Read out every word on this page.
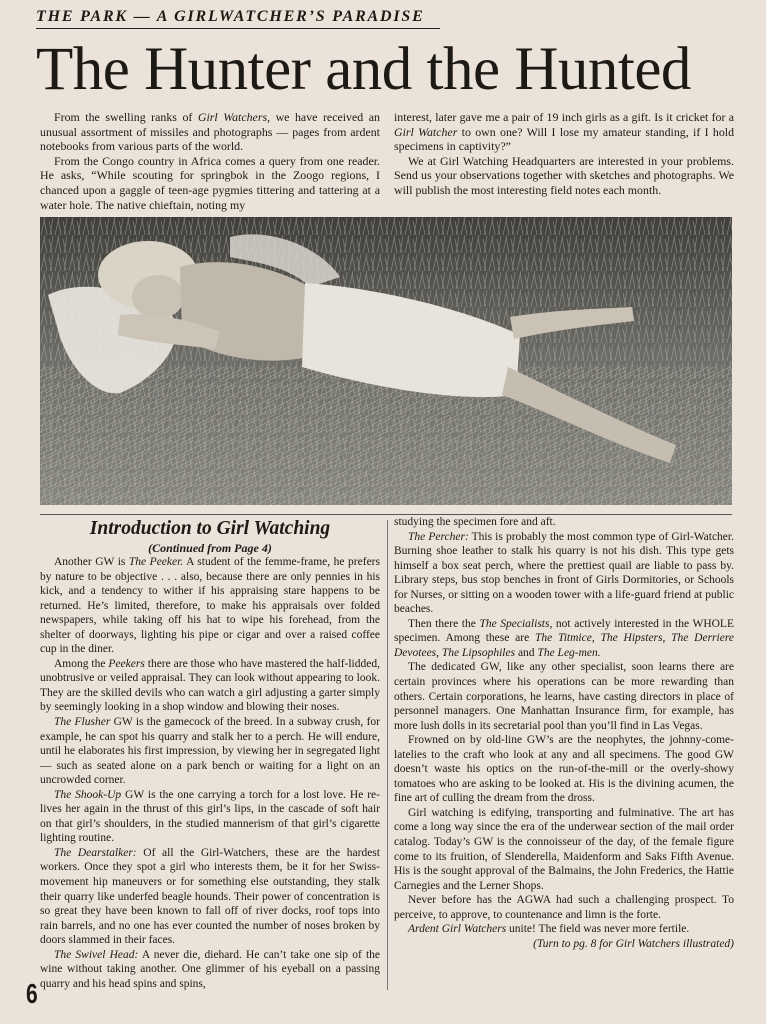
THE PARK — A GIRLWATCHER’S PARADISE
The Hunter and the Hunted

From the swelling ranks of Girl Watchers, we have received an unusual assortment of missiles and photographs — pages from ardent notebooks from various parts of the world.

From the Congo country in Africa comes a query from one reader. He asks, “While scouting for springbok in the Zoogo regions, I chanced upon a gaggle of teen-age pygmies tittering and tattering at a water hole. The native chieftain, noting my

interest, later gave me a pair of 19 inch girls as a gift. Is it cricket for a Girl Watcher to own one? Will I lose my amateur standing, if I hold specimens in captivity?”

We at Girl Watching Headquarters are interested in your problems. Send us your observations together with sketches and photographs. We will publish the most interesting field notes each month.

Introduction to Girl Watching
(Continued from Page 4)

Another GW is The Peeker. A student of the femme-frame, he prefers by nature to be objective . . . also, because there are only pennies in his kick, and a tendency to wither if his appraising stare happens to be returned. He’s limited, therefore, to make his appraisals over folded newspapers, while taking off his hat to wipe his forehead, from the shelter of doorways, lighting his pipe or cigar and over a raised coffee cup in the diner.

Among the Peekers there are those who have mastered the half-lidded, unobtrusive or veiled appraisal. They can look without appearing to look. They are the skilled devils who can watch a girl adjusting a garter simply by seemingly looking in a shop window and blowing their noses.

The Flusher GW is the gamecock of the breed. In a subway crush, for example, he can spot his quarry and stalk her to a perch. He will endure, until he elaborates his first impression, by viewing her in segregated light — such as seated alone on a park bench or waiting for a light on an uncrowded corner.

The Shook-Up GW is the one carrying a torch for a lost love. He re-lives her again in the thrust of this girl’s lips, in the cascade of soft hair on that girl’s shoulders, in the studied mannerism of that girl’s cigarette lighting routine.

The Dearstalker: Of all the Girl-Watchers, these are the hardest workers. Once they spot a girl who interests them, be it for her Swiss-movement hip maneuvers or for something else outstanding, they stalk their quarry like underfed beagle hounds. Their power of concentration is so great they have been known to fall off of river docks, roof tops into rain barrels, and no one has ever counted the number of noses broken by doors slammed in their faces.

The Swivel Head: A never die, diehard. He can’t take one sip of the wine without taking another. One glimmer of his eyeball on a passing quarry and his head spins and spins,

studying the specimen fore and aft.

The Percher: This is probably the most common type of Girl-Watcher. Burning shoe leather to stalk his quarry is not his dish. This type gets himself a box seat perch, where the prettiest quail are liable to pass by. Library steps, bus stop benches in front of Girls Dormitories, or Schools for Nurses, or sitting on a wooden tower with a life-guard friend at public beaches.

Then there the The Specialists, not actively interested in the WHOLE specimen. Among these are The Titmice, The Hipsters, The Derriere Devotees, The Lipsophiles and The Leg-men.

The dedicated GW, like any other specialist, soon learns there are certain provinces where his operations can be more rewarding than others. Certain corporations, he learns, have casting directors in place of personnel managers. One Manhattan Insurance firm, for example, has more lush dolls in its secretarial pool than you’ll find in Las Vegas.

Frowned on by old-line GW’s are the neophytes, the johnny-come-latelies to the craft who look at any and all specimens. The good GW doesn’t waste his optics on the run-of-the-mill or the overly-showy tomatoes who are asking to be looked at. His is the divining acumen, the fine art of culling the dream from the dross.

Girl watching is edifying, transporting and fulminative. The art has come a long way since the era of the underwear section of the mail order catalog. Today’s GW is the connoisseur of the day, of the female figure come to its fruition, of Slenderella, Maidenform and Saks Fifth Avenue. His is the sought approval of the Balmains, the John Frederics, the Hattie Carnegies and the Lerner Shops.

Never before has the AGWA had such a challenging prospect. To perceive, to approve, to countenance and limn is the forte.

Ardent Girl Watchers unite! The field was never more fertile.
(Turn to pg. 8 for Girl Watchers illustrated)

6
